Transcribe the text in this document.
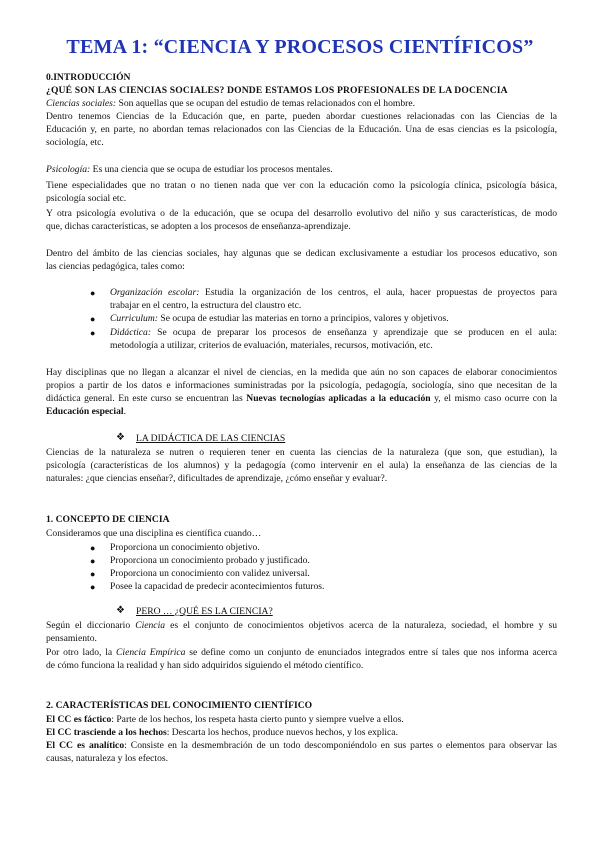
TEMA 1: “CIENCIA Y PROCESOS CIENTÍFICOS”
0.INTRODUCCIÓN
¿QUÉ SON LAS CIENCIAS SOCIALES? DONDE ESTAMOS LOS PROFESIONALES DE LA DOCENCIA
Ciencias sociales: Son aquellas que se ocupan del estudio de temas relacionados con el hombre.
Dentro tenemos Ciencias de la Educación que, en parte, pueden abordar cuestiones relacionadas con las Ciencias de la
Educación y, en parte, no abordan temas relacionados con las Ciencias de la Educación. Una de esas ciencias es la psicología,
sociología, etc.
Psicología: Es una ciencia que se ocupa de estudiar los procesos mentales.
Tiene especialidades que no tratan o no tienen nada que ver con la educación como la psicología clínica, psicología básica,
psicología social etc.
Y otra psicología evolutiva o de la educación, que se ocupa del desarrollo evolutivo del niño y sus características, de modo
que, dichas características, se adopten a los procesos de enseñanza-aprendizaje.
Dentro del ámbito de las ciencias sociales, hay algunas que se dedican exclusivamente a estudiar los procesos educativo, son
las ciencias pedagógica, tales como:
● Organización escolar: Estudia la organización de los centros, el aula, hacer propuestas de proyectos para
trabajar en el centro, la estructura del claustro etc.
● Curriculum: Se ocupa de estudiar las materias en torno a principios, valores y objetivos.
● Didáctica: Se ocupa de preparar los procesos de enseñanza y aprendizaje que se producen en el aula:
metodología a utilizar, criterios de evaluación, materiales, recursos, motivación, etc.
Hay disciplinas que no llegan a alcanzar el nivel de ciencias, en la medida que aún no son capaces de elaborar conocimientos
propios a partir de los datos e informaciones suministradas por la psicología, pedagogía, sociología, sino que necesitan de la
didáctica general. En este curso se encuentran las Nuevas tecnologías aplicadas a la educación y, el mismo caso ocurre con la
Educación especial.
❖ LA DIDÁCTICA DE LAS CIENCIAS
Ciencias de la naturaleza se nutren o requieren tener en cuenta las ciencias de la naturaleza (que son, que estudian), la
psicología (características de los alumnos) y la pedagogía (como intervenir en el aula) la enseñanza de las ciencias de la
naturales: ¿que ciencias enseñar?, dificultades de aprendizaje, ¿cómo enseñar y evaluar?.
1. CONCEPTO DE CIENCIA
Consideramos que una disciplina es científica cuando…
● Proporciona un conocimiento objetivo.
● Proporciona un conocimiento probado y justificado.
● Proporciona un conocimiento con validez universal.
● Posee la capacidad de predecir acontecimientos futuros.
❖ PERO … ¿QUÉ ES LA CIENCIA?
Según el diccionario Ciencia es el conjunto de conocimientos objetivos acerca de la naturaleza, sociedad, el hombre y su
pensamiento.
Por otro lado, la Ciencia Empírica se define como un conjunto de enunciados integrados entre sí tales que nos informa acerca
de cómo funciona la realidad y han sido adquiridos siguiendo el método científico.
2. CARACTERÍSTICAS DEL CONOCIMIENTO CIENTÍFICO
El CC es fáctico: Parte de los hechos, los respeta hasta cierto punto y siempre vuelve a ellos.
El CC trasciende a los hechos: Descarta los hechos, produce nuevos hechos, y los explica.
El CC es analítico: Consiste en la desmembración de un todo descomponiéndolo en sus partes o elementos para observar las
causas, naturaleza y los efectos.
